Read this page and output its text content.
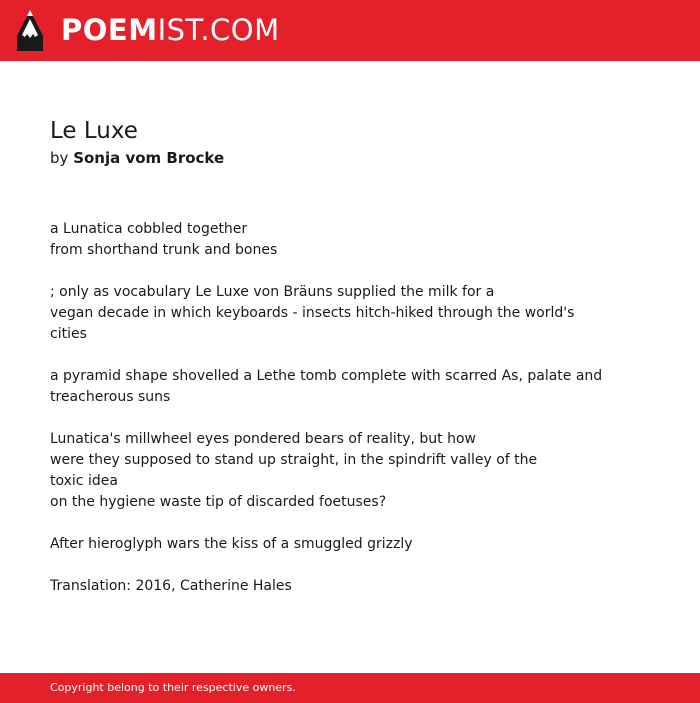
POEMIST.COM
Le Luxe

by Sonja vom Brocke

a Lunatica cobbled together
from shorthand trunk and bones
; only as vocabulary Le Luxe von Bräuns supplied the milk for a
vegan decade in which keyboards - insects hitch-hiked through the world's
cities
a pyramid shape shovelled a Lethe tomb complete with scarred As, palate and
treacherous suns
Lunatica's millwheel eyes pondered bears of reality, but how
were they supposed to stand up straight, in the spindrift valley of the
toxic idea
on the hygiene waste tip of discarded foetuses?
After hieroglyph wars the kiss of a smuggled grizzly
Translation: 2016, Catherine Hales
Copyright belong to their respective owners.
